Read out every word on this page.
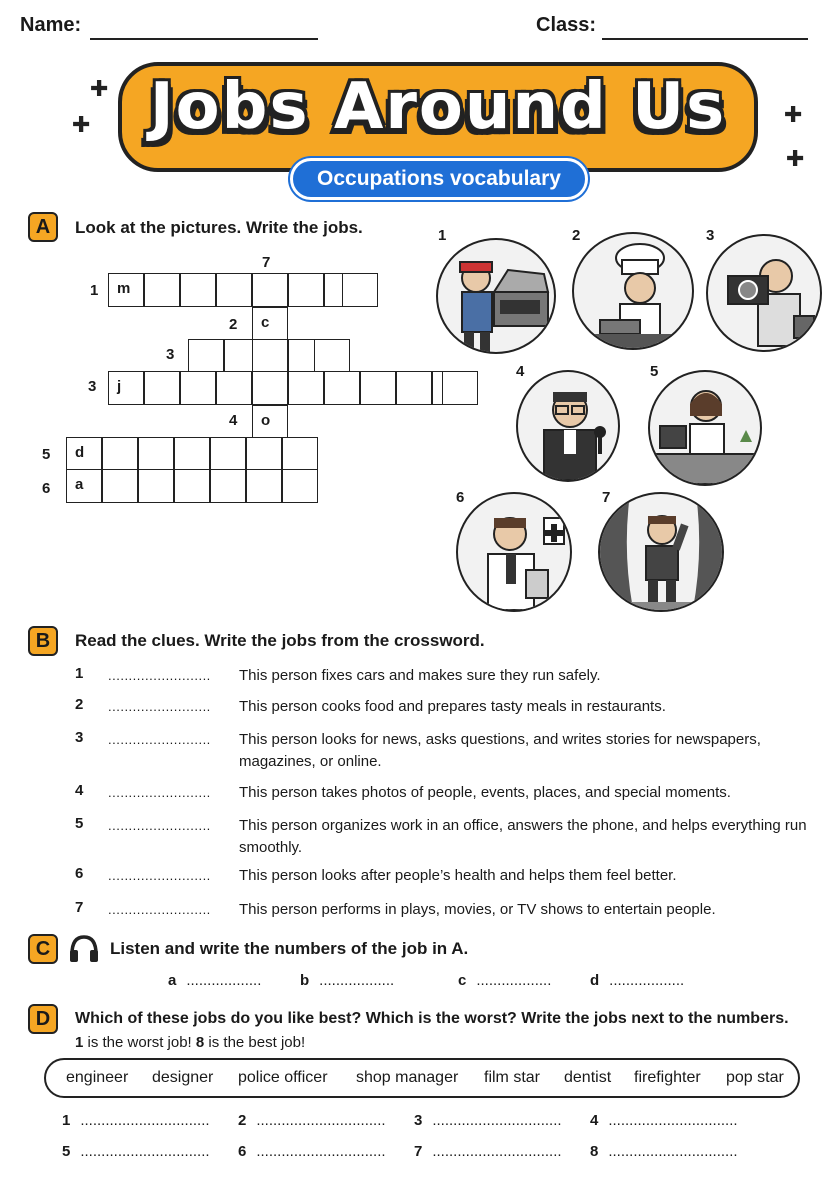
Name:	Class:
✚
✚	✚
✚
Jobs Around Us
Occupations vocabulary
A	Look at the pictures. Write the jobs.
7
1
2
3
3
4
5
6
m
c
j
o
d
a
1	2	3
4	5
6	7
B	Read the clues. Write the jobs from the crossword.
1 ......................... This person fixes cars and makes sure they run safely.
2 ......................... This person cooks food and prepares tasty meals in restaurants.
3 ......................... This person looks for news, asks questions, and writes stories for newspapers, magazines, or online.
4 ......................... This person takes photos of people, events, places, and special moments.
5 ......................... This person organizes work in an office, answers the phone, and helps everything run smoothly.
6 ......................... This person looks after people’s health and helps them feel better.
7 ......................... This person performs in plays, movies, or TV shows to entertain people.
C	Listen and write the numbers of the job in A.
a ..................	b ..................	c ..................	d ..................
D	Which of these jobs do you like best? Which is the worst? Write the jobs next to the numbers.
1 is the worst job! 8 is the best job!
engineer designer police officer shop manager film star dentist firefighter pop star
1 ............................... 2 ............................... 3 ............................... 4 ...............................
5 ............................... 6 ............................... 7 ............................... 8 ...............................
